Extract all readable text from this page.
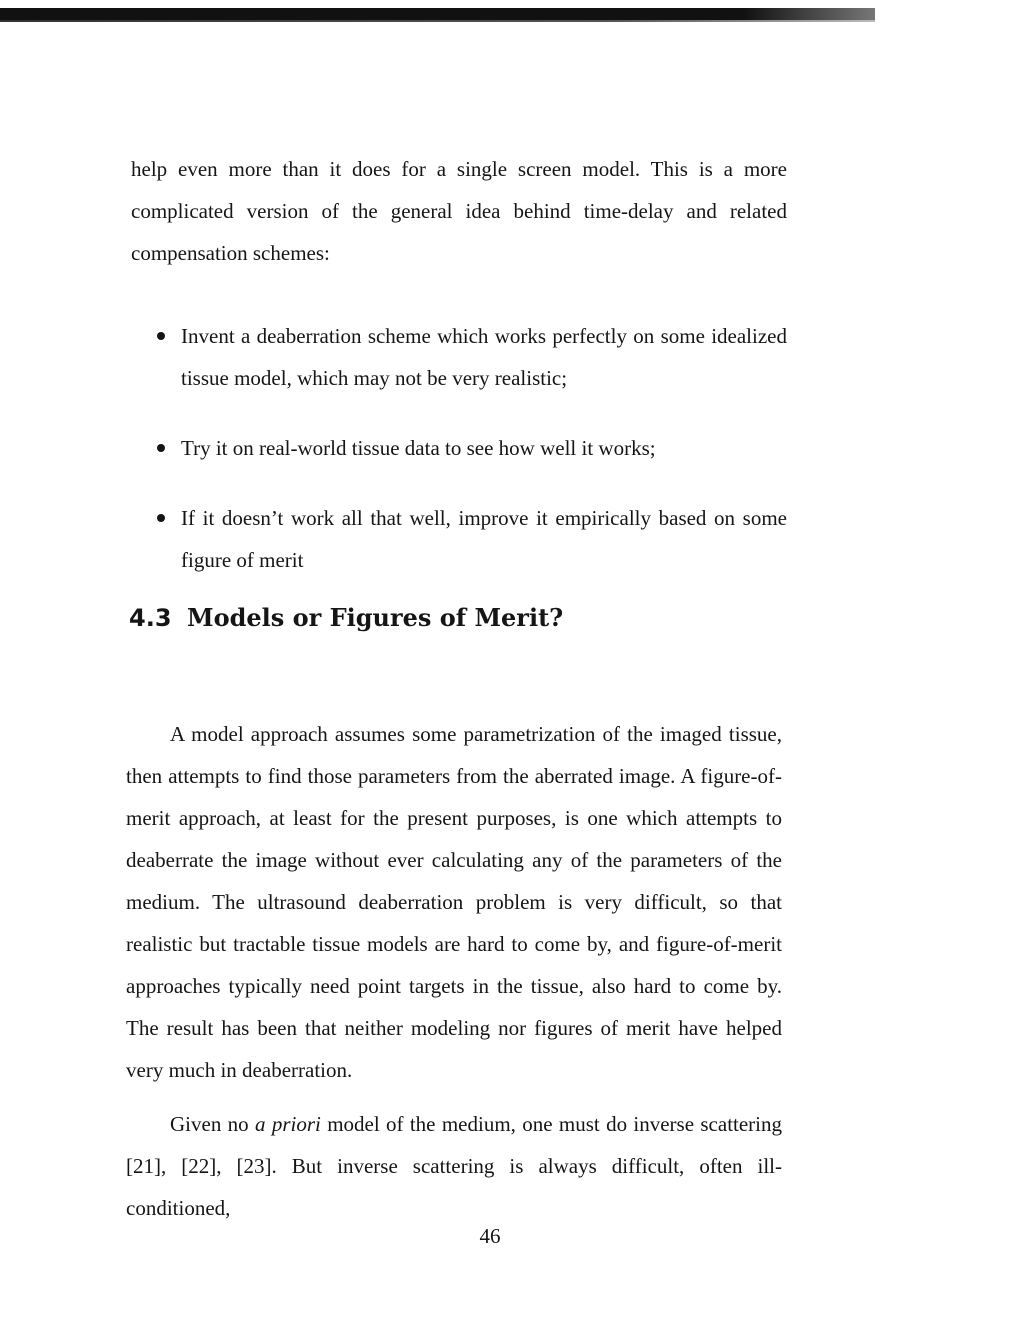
help even more than it does for a single screen model. This is a more complicated version of the general idea behind time-delay and related compensation schemes:
Invent a deaberration scheme which works perfectly on some idealized tissue model, which may not be very realistic;
Try it on real-world tissue data to see how well it works;
If it doesn’t work all that well, improve it empirically based on some figure of merit
4.3 Models or Figures of Merit?
A model approach assumes some parametrization of the imaged tissue, then attempts to find those parameters from the aberrated image. A figure-of-merit approach, at least for the present purposes, is one which attempts to deaberrate the image without ever calculating any of the parameters of the medium. The ultrasound deaberration problem is very difficult, so that realistic but tractable tissue models are hard to come by, and figure-of-merit approaches typically need point targets in the tissue, also hard to come by. The result has been that neither modeling nor figures of merit have helped very much in deaberration.
Given no a priori model of the medium, one must do inverse scattering [21], [22], [23]. But inverse scattering is always difficult, often ill-conditioned,
46
